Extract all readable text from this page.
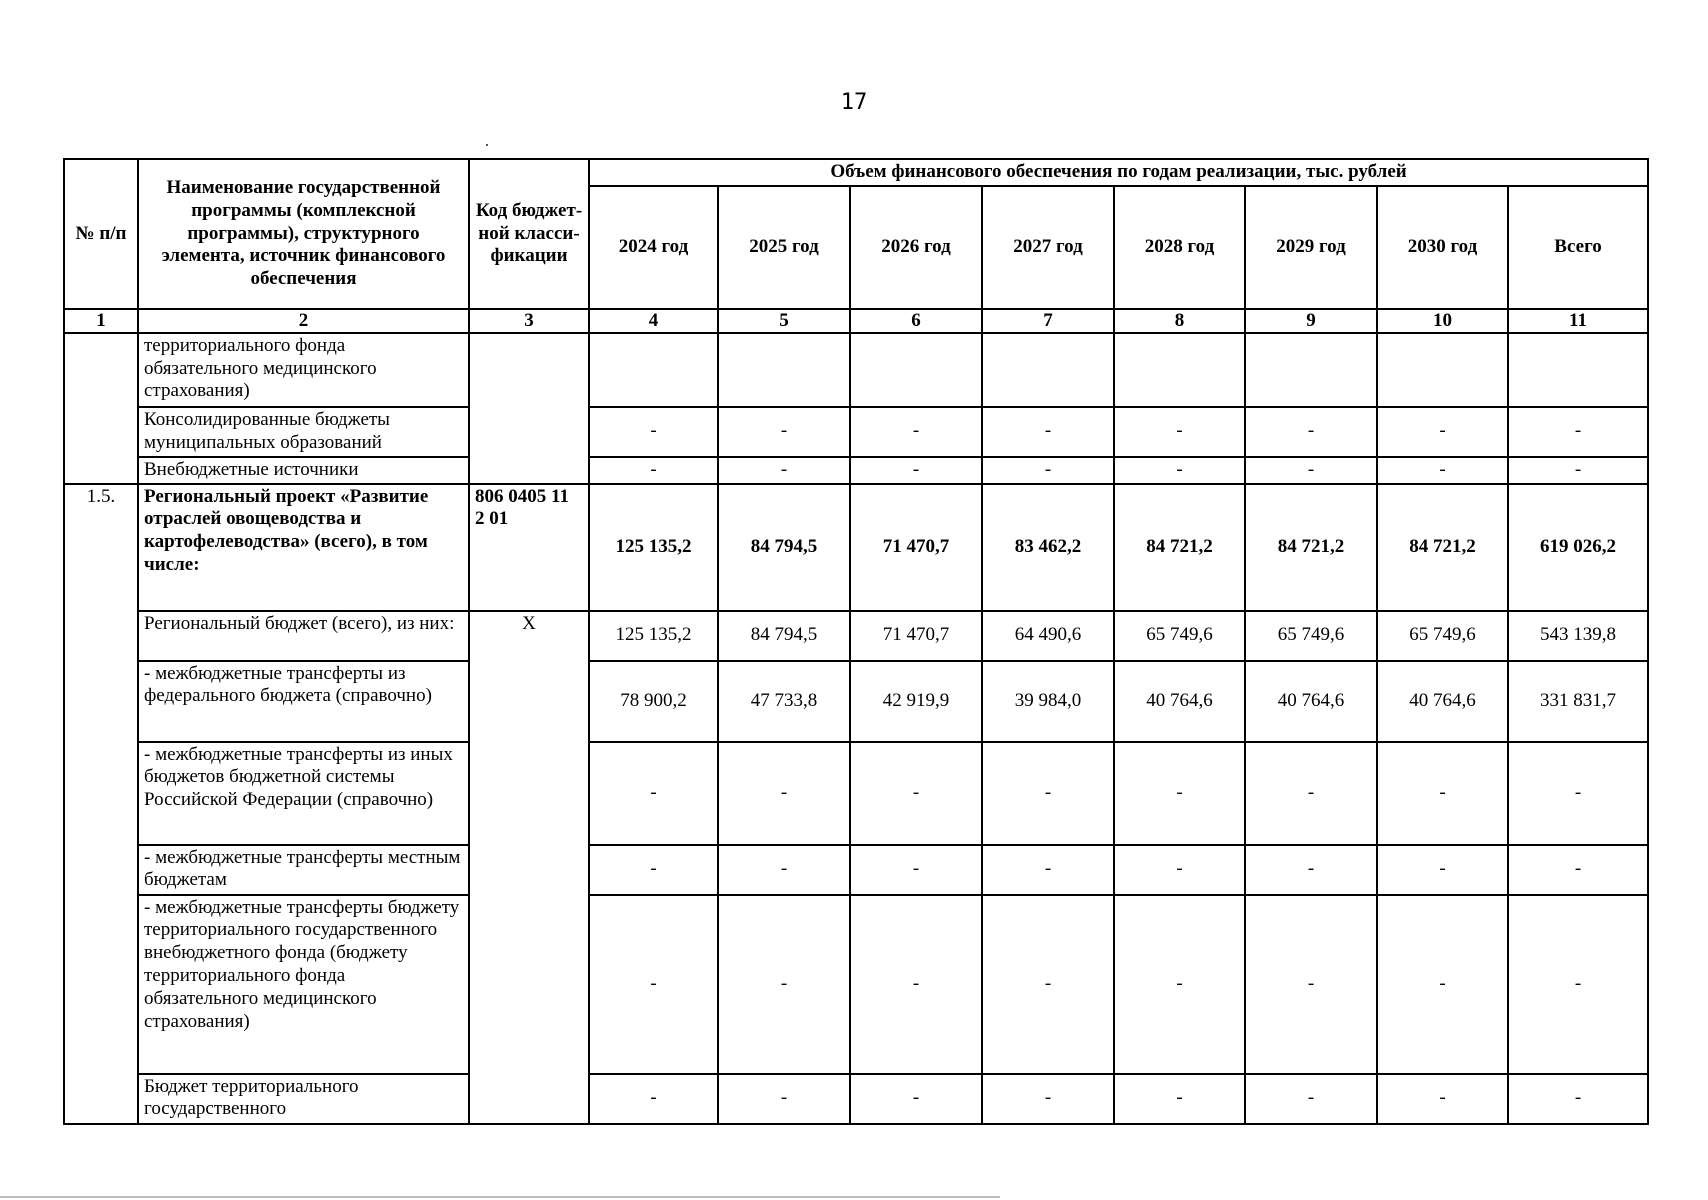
17
№ п/п	Наименование государственной программы (комплексной программы), структурного элемента, источник финансового обеспечения	Код бюджет-ной класси-фикации	Объем финансового обеспечения по годам реализации, тыс. рублей							
			2024 год	2025 год	2026 год	2027 год	2028 год	2029 год	2030 год	Всего
1	2	3	4	5	6	7	8	9	10	11
	территориального фонда обязательного медицинского страхования)									
	Консолидированные бюджеты муниципальных образований		-	-	-	-	-	-	-	-
	Внебюджетные источники		-	-	-	-	-	-	-	-
1.5.	Региональный проект «Развитие отраслей овощеводства и картофелеводства» (всего), в том числе:	806 0405 11 2 01	125 135,2	84 794,5	71 470,7	83 462,2	84 721,2	84 721,2	84 721,2	619 026,2
	Региональный бюджет (всего), из них:	X	125 135,2	84 794,5	71 470,7	64 490,6	65 749,6	65 749,6	65 749,6	543 139,8
	- межбюджетные трансферты из федерального бюджета (справочно)		78 900,2	47 733,8	42 919,9	39 984,0	40 764,6	40 764,6	40 764,6	331 831,7
	- межбюджетные трансферты из иных бюджетов бюджетной системы Российской Федерации (справочно)		-	-	-	-	-	-	-	-
	- межбюджетные трансферты местным бюджетам		-	-	-	-	-	-	-	-
	- межбюджетные трансферты бюджету территориального государственного внебюджетного фонда (бюджету территориального фонда обязательного медицинского страхования)		-	-	-	-	-	-	-	-
	Бюджет территориального государственного		-	-	-	-	-	-	-	-
